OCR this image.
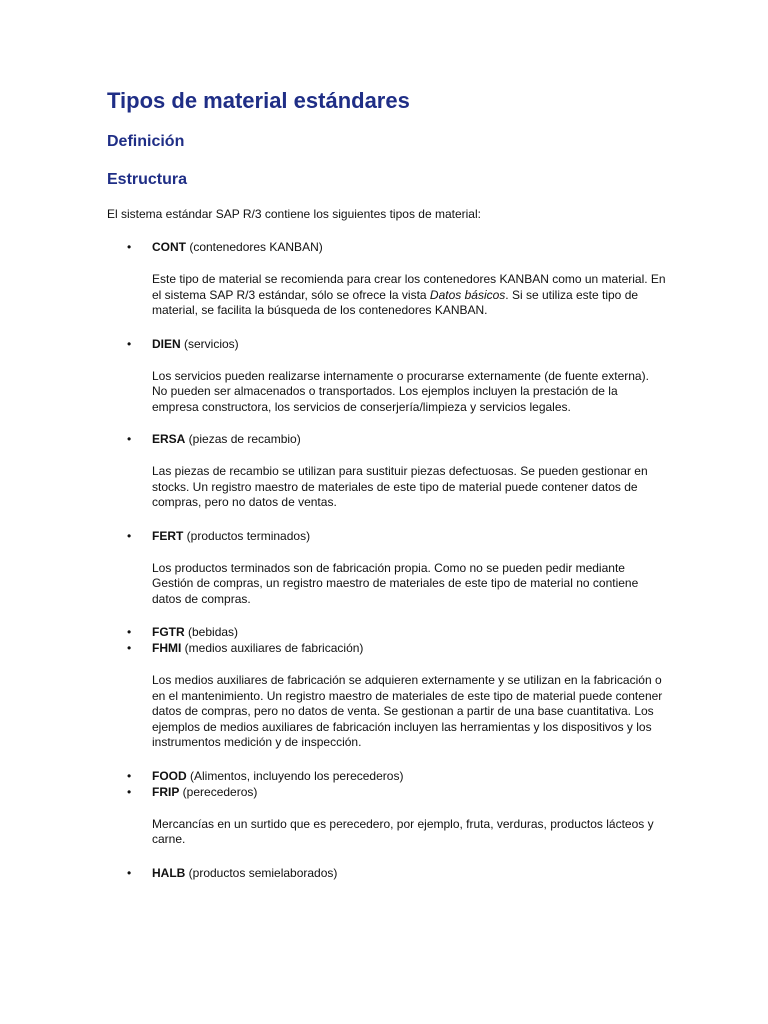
Tipos de material estándares
Definición
Estructura

El sistema estándar SAP R/3 contiene los siguientes tipos de material:

• CONT (contenedores KANBAN)

Este tipo de material se recomienda para crear los contenedores KANBAN como un material. En el sistema SAP R/3 estándar, sólo se ofrece la vista Datos básicos. Si se utiliza este tipo de material, se facilita la búsqueda de los contenedores KANBAN.

• DIEN (servicios)

Los servicios pueden realizarse internamente o procurarse externamente (de fuente externa). No pueden ser almacenados o transportados. Los ejemplos incluyen la prestación de la empresa constructora, los servicios de conserjería/limpieza y servicios legales.

• ERSA (piezas de recambio)

Las piezas de recambio se utilizan para sustituir piezas defectuosas. Se pueden gestionar en stocks. Un registro maestro de materiales de este tipo de material puede contener datos de compras, pero no datos de ventas.

• FERT (productos terminados)

Los productos terminados son de fabricación propia. Como no se pueden pedir mediante Gestión de compras, un registro maestro de materiales de este tipo de material no contiene datos de compras.

• FGTR (bebidas)
• FHMI (medios auxiliares de fabricación)

Los medios auxiliares de fabricación se adquieren externamente y se utilizan en la fabricación o en el mantenimiento. Un registro maestro de materiales de este tipo de material puede contener datos de compras, pero no datos de venta. Se gestionan a partir de una base cuantitativa. Los ejemplos de medios auxiliares de fabricación incluyen las herramientas y los dispositivos y los instrumentos medición y de inspección.

• FOOD (Alimentos, incluyendo los perecederos)
• FRIP (perecederos)

Mercancías en un surtido que es perecedero, por ejemplo, fruta, verduras, productos lácteos y carne.

• HALB (productos semielaborados)
